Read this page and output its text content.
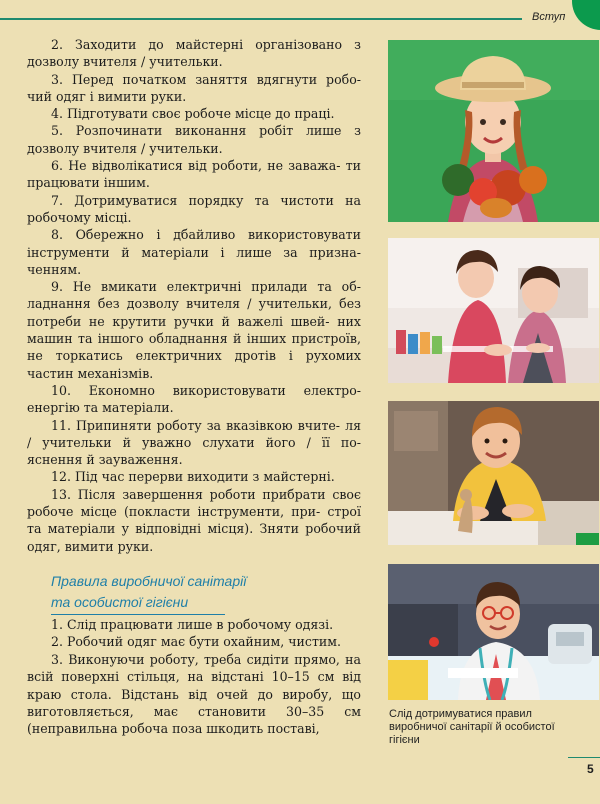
Вступ

2. Заходити до майстерні організовано з дозволу вчителя / учительки.

3. Перед початком заняття вдягнути робо- чий одяг і вимити руки.

4. Підготувати своє робоче місце до праці.

5. Розпочинати виконання робіт лише з дозволу вчителя / учительки.

6. Не відволікатися від роботи, не заважа- ти працювати іншим.

7. Дотримуватися порядку та чистоти на робочому місці.

8. Обережно і дбайливо використовувати інструменти й матеріали і лише за призна- ченням.

9. Не вмикати електричні прилади та об- ладнання без дозволу вчителя / учительки, без потреби не крутити ручки й важелі швей- них машин та іншого обладнання й інших пристроїв, не торкатись електричних дротів і рухомих частин механізмів.

10. Економно використовувати електро- енергію та матеріали.

11. Припиняти роботу за вказівкою вчите- ля / учительки й уважно слухати його / її по- яснення й зауваження.

12. Під час перерви виходити з майстерні.

13. Після завершення роботи прибрати своє робоче місце (покласти інструменти, при- строї та матеріали у відповідні місця). Зняти робочий одяг, вимити руки.

Правила виробничої санітарії
та особистої гігієни

1. Слід працювати лише в робочому одязі.

2. Робочий одяг має бути охайним, чистим.

3. Виконуючи роботу, треба сидіти прямо, на всій поверхні стільця, на відстані 10–15 см від краю стола. Відстань від очей до виробу, що виготовляється, має становити 30–35 см (неправильна робоча поза шкодить поставі,

Слід дотримуватися правил
виробничої санітарії й особистої
гігієни
5
